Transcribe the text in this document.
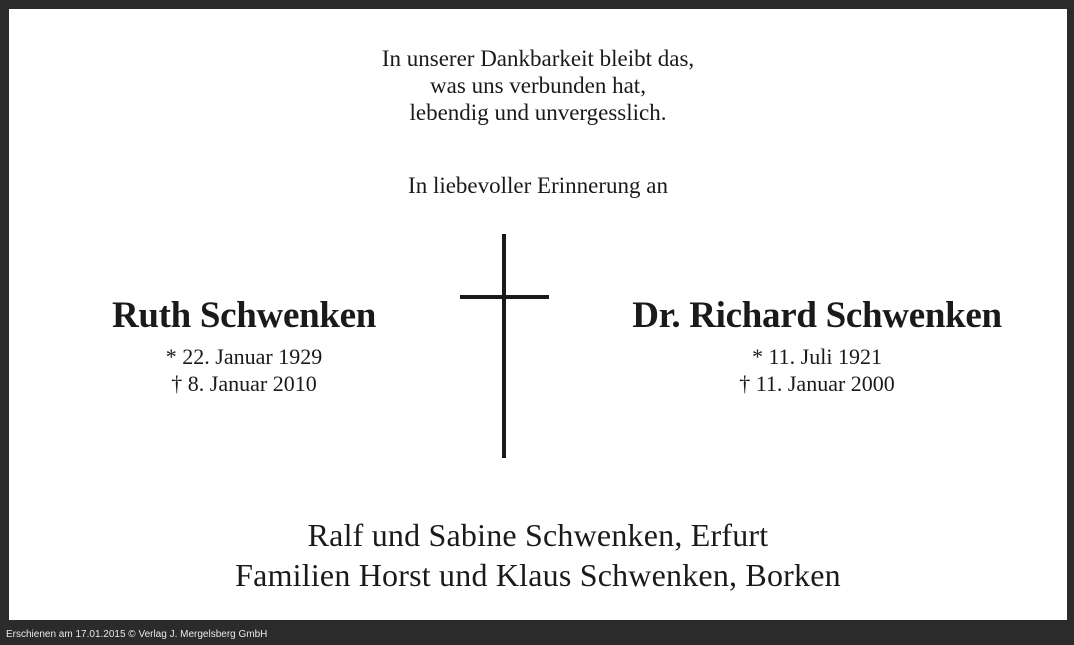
In unserer Dankbarkeit bleibt das,
was uns verbunden hat,
lebendig und unvergesslich.
In liebevoller Erinnerung an
Ruth Schwenken
* 22. Januar 1929
† 8. Januar 2010
Dr. Richard Schwenken
* 11. Juli 1921
† 11. Januar 2000
Ralf und Sabine Schwenken, Erfurt
Familien Horst und Klaus Schwenken, Borken
Erschienen am 17.01.2015 © Verlag J. Mergelsberg GmbH
